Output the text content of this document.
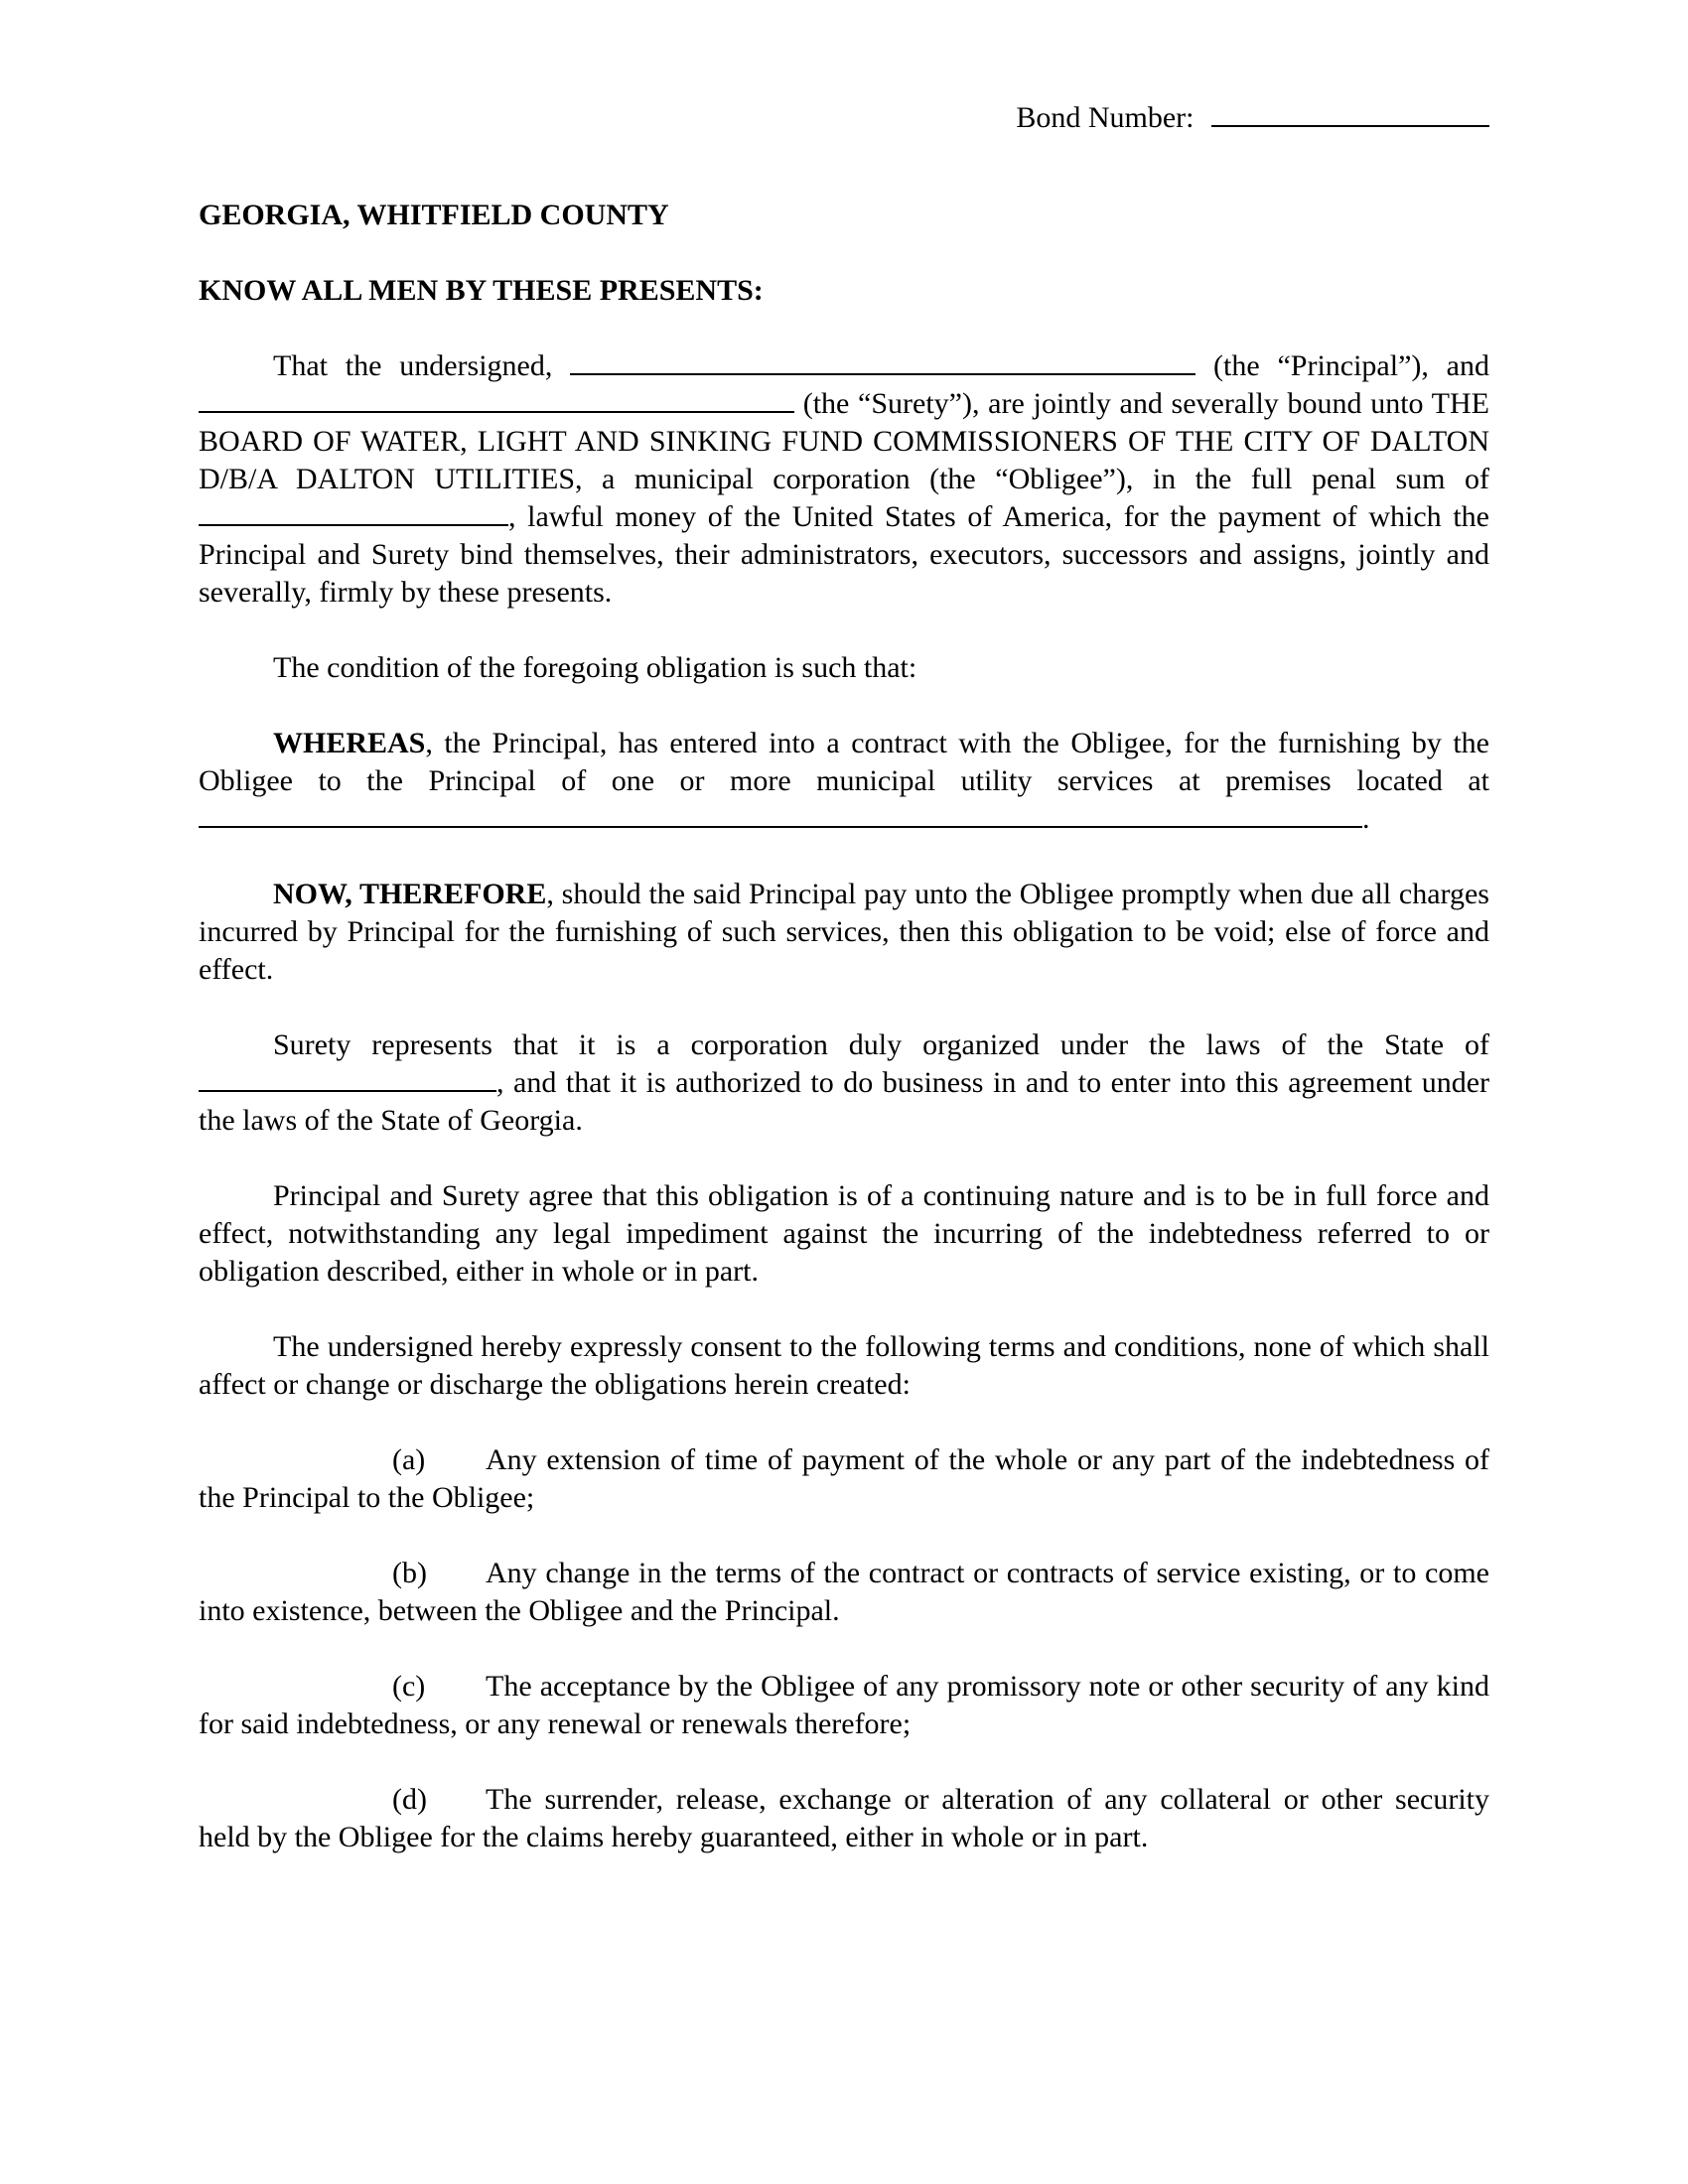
Bond Number:

GEORGIA, WHITFIELD COUNTY

KNOW ALL MEN BY THESE PRESENTS:

That the undersigned,	(the “Principal”), and  (the “Surety”), are jointly and severally bound unto THE BOARD OF WATER, LIGHT AND SINKING FUND COMMISSIONERS OF THE CITY OF DALTON D/B/A DALTON UTILITIES, a municipal corporation (the “Obligee”), in the full penal sum of , lawful money of the United States of America, for the payment of which the Principal and Surety bind themselves, their administrators, executors, successors and assigns, jointly and severally, firmly by these presents.

The condition of the foregoing obligation is such that:

WHEREAS, the Principal, has entered into a contract with the Obligee, for the furnishing by the Obligee to the Principal of one or more municipal utility services at premises located at .

NOW, THEREFORE, should the said Principal pay unto the Obligee promptly when due all charges incurred by Principal for the furnishing of such services, then this obligation to be void; else of force and effect.

Surety represents that it is a corporation duly organized under the laws of the State of , and that it is authorized to do business in and to enter into this agreement under the laws of the State of Georgia.

Principal and Surety agree that this obligation is of a continuing nature and is to be in full force and effect, notwithstanding any legal impediment against the incurring of the indebtedness referred to or obligation described, either in whole or in part.

The undersigned hereby expressly consent to the following terms and conditions, none of which shall affect or change or discharge the obligations herein created:

(a) Any extension of time of payment of the whole or any part of the indebtedness of the Principal to the Obligee;

(b) Any change in the terms of the contract or contracts of service existing, or to come into existence, between the Obligee and the Principal.

(c) The acceptance by the Obligee of any promissory note or other security of any kind for said indebtedness, or any renewal or renewals therefore;

(d) The surrender, release, exchange or alteration of any collateral or other security held by the Obligee for the claims hereby guaranteed, either in whole or in part.
